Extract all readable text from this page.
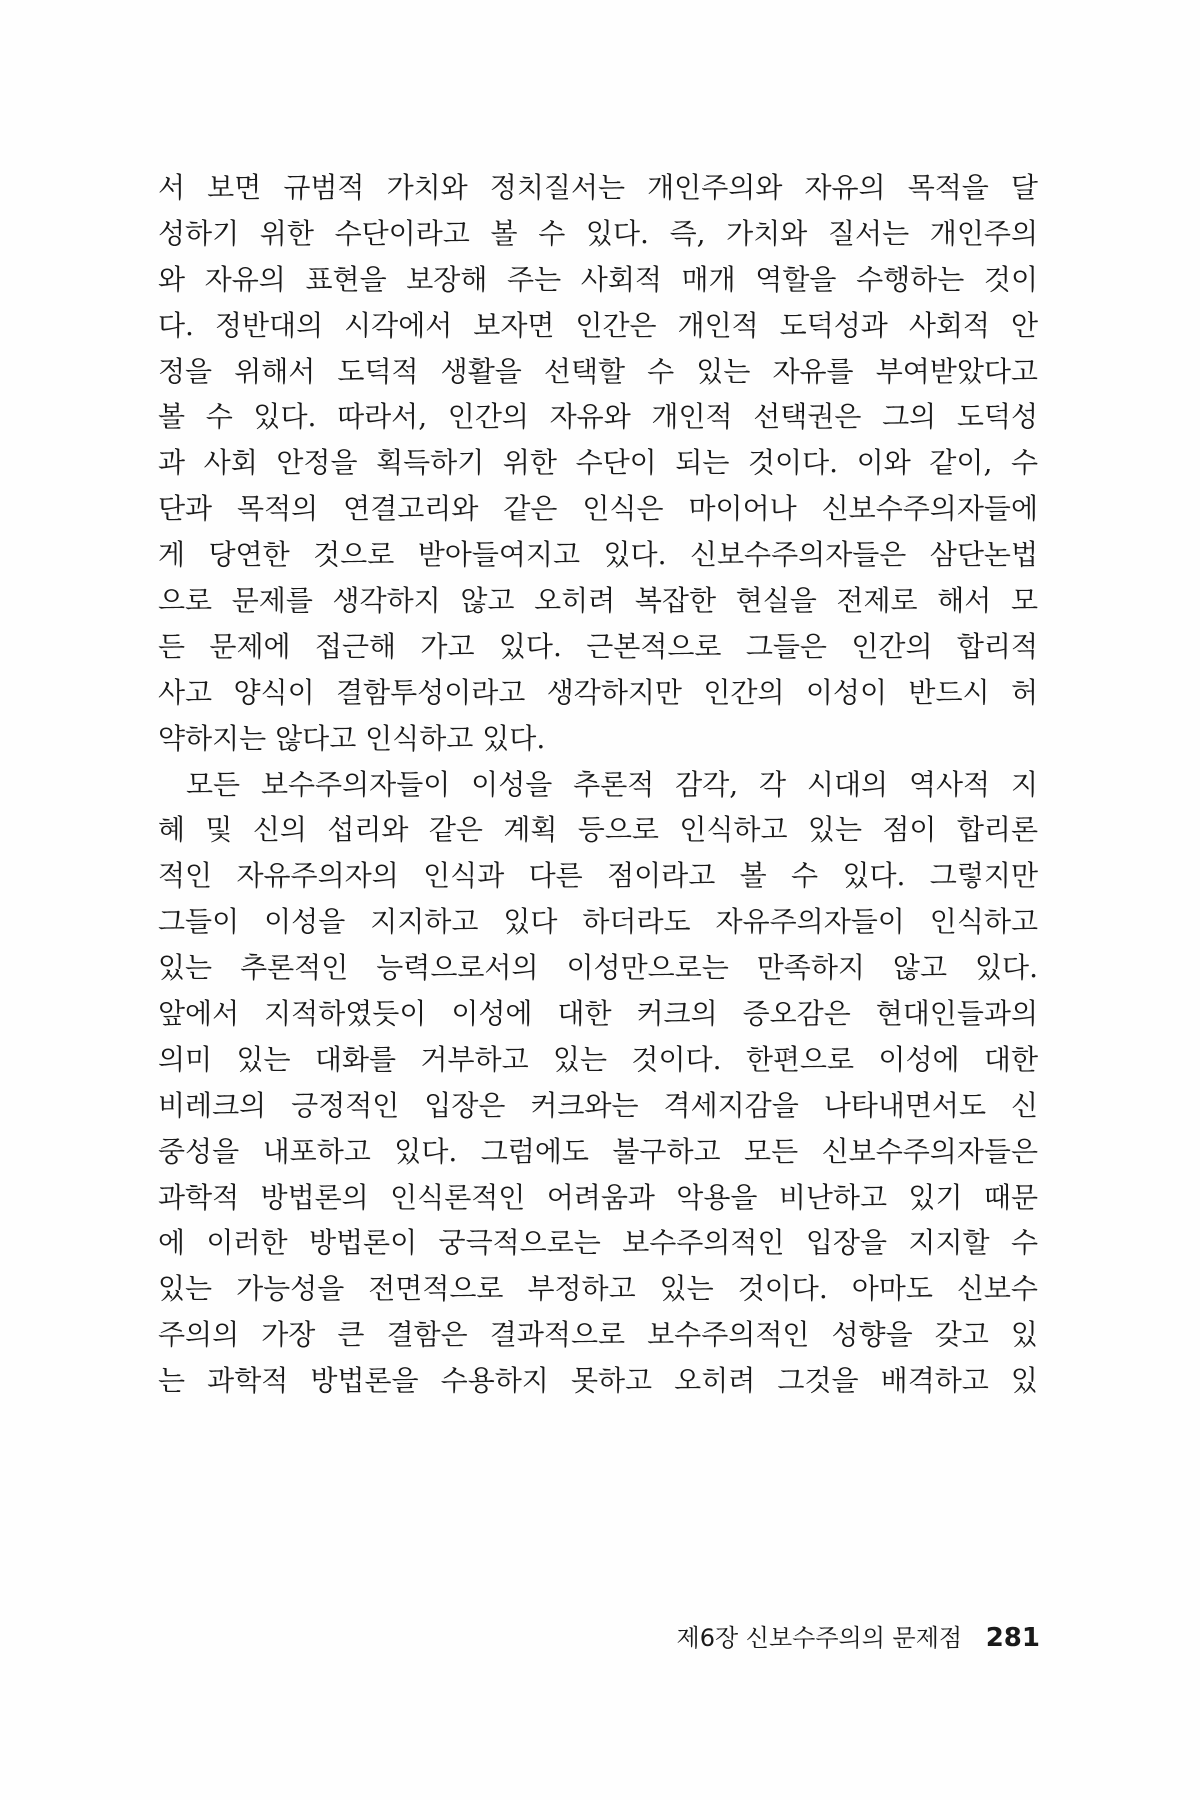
서 보면 규범적 가치와 정치질서는 개인주의와 자유의 목적을 달
성하기 위한 수단이라고 볼 수 있다. 즉, 가치와 질서는 개인주의
와 자유의 표현을 보장해 주는 사회적 매개 역할을 수행하는 것이
다. 정반대의 시각에서 보자면 인간은 개인적 도덕성과 사회적 안
정을 위해서 도덕적 생활을 선택할 수 있는 자유를 부여받았다고
볼 수 있다. 따라서, 인간의 자유와 개인적 선택권은 그의 도덕성
과 사회 안정을 획득하기 위한 수단이 되는 것이다. 이와 같이, 수
단과 목적의 연결고리와 같은 인식은 마이어나 신보수주의자들에
게 당연한 것으로 받아들여지고 있다. 신보수주의자들은 삼단논법
으로 문제를 생각하지 않고 오히려 복잡한 현실을 전제로 해서 모
든 문제에 접근해 가고 있다. 근본적으로 그들은 인간의 합리적
사고 양식이 결함투성이라고 생각하지만 인간의 이성이 반드시 허
약하지는 않다고 인식하고 있다.
모든 보수주의자들이 이성을 추론적 감각, 각 시대의 역사적 지
혜 및 신의 섭리와 같은 계획 등으로 인식하고 있는 점이 합리론
적인 자유주의자의 인식과 다른 점이라고 볼 수 있다. 그렇지만
그들이 이성을 지지하고 있다 하더라도 자유주의자들이 인식하고
있는 추론적인 능력으로서의 이성만으로는 만족하지 않고 있다.
앞에서 지적하였듯이 이성에 대한 커크의 증오감은 현대인들과의
의미 있는 대화를 거부하고 있는 것이다. 한편으로 이성에 대한
비레크의 긍정적인 입장은 커크와는 격세지감을 나타내면서도 신
중성을 내포하고 있다. 그럼에도 불구하고 모든 신보수주의자들은
과학적 방법론의 인식론적인 어려움과 악용을 비난하고 있기 때문
에 이러한 방법론이 궁극적으로는 보수주의적인 입장을 지지할 수
있는 가능성을 전면적으로 부정하고 있는 것이다. 아마도 신보수
주의의 가장 큰 결함은 결과적으로 보수주의적인 성향을 갖고 있
는 과학적 방법론을 수용하지 못하고 오히려 그것을 배격하고 있
제6장 신보수주의의 문제점 281
